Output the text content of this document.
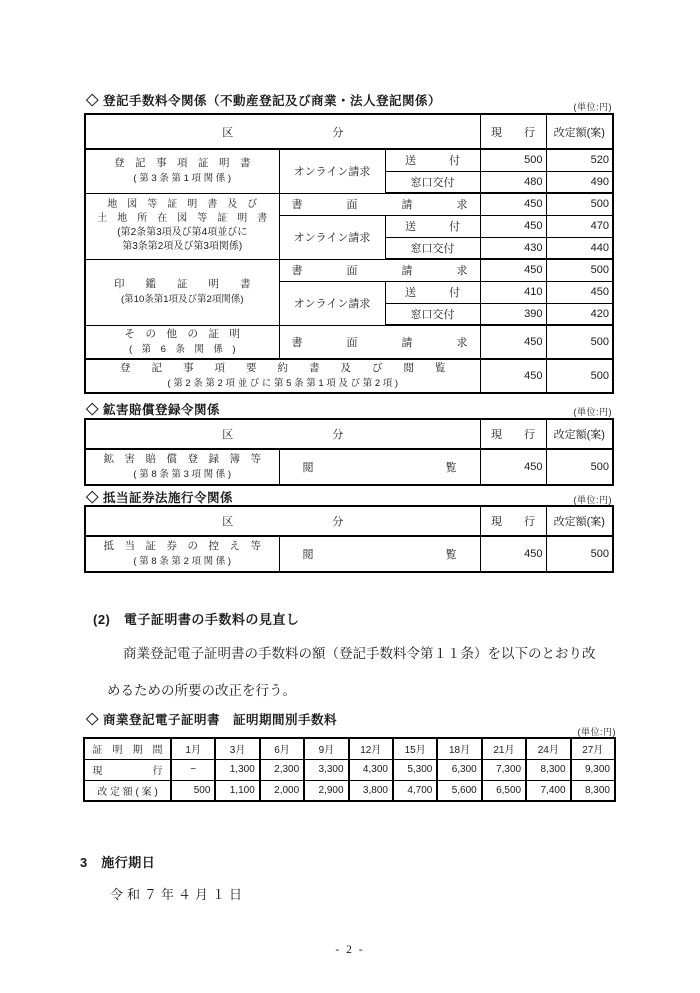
◇ 登記手数料令関係（不動産登記及び商業・法人登記関係）	(単位:円)
区　　　　　　　　　分			現　　行	改定額(案)

登　記　事　項　証　明　書
( 第 3 条 第 1 項 関 係 )	オンライン請求	送　　　付	500	520
		窓口交付	480	490

地　図　等　証　明　書　及　び
土　地　所　在　図　等　証　明　書
(第2条第3項及び第4項並びに
第3条第2項及び第3項関係)	書　　　　面　　　　請　　　　求		450	500
	オンライン請求	送　　　付	450	470
		窓口交付	430	440

印　　鑑　　証　　明　　書
(第10条第1項及び第2項関係)	書　　　　面　　　　請　　　　求		450	500
	オンライン請求	送　　　付	410	450
		窓口交付	390	420

そ　の　他　の　証　明
(　第　6　条　関　係　)	書　　　　面　　　　請　　　　求		450	500

登　　記　　事　　項　　要　　約　　書　　及　　び　　閲　　覧
( 第 2 条 第 2 項 並 び に 第 5 条 第 1 項 及 び 第 2 項 )			450	500
◇ 鉱害賠償登録令関係	(単位:円)
区　　　　　　　　　分		現　　行	改定額(案)

鉱　害　賠　償　登　録　簿　等
( 第 8 条 第 3 項 関 係 )	閲　　　　　　　　　　　　覧	450	500
◇ 抵当証券法施行令関係	(単位:円)
区　　　　　　　　　分		現　　行	改定額(案)

抵　当　証　券　の　控　え　等
( 第 8 条 第 2 項 関 係 )	閲　　　　　　　　　　　　覧	450	500
(2)　電子証明書の手数料の見直し
商業登記電子証明書の手数料の額（登記手数料令第１１条）を以下のとおり改
めるための所要の改正を行う。
◇ 商業登記電子証明書　証明期間別手数料
(単位:円)
証　明　期　間	1月	3月	6月	9月	12月	15月	18月	21月	24月	27月
現　　　　　行	−	1,300	2,300	3,300	4,300	5,300	6,300	7,300	8,300	9,300
改 定 額 ( 案 )	500	1,100	2,000	2,900	3,800	4,700	5,600	6,500	7,400	8,300
3　施行期日
令和７年４月１日
- 2 -
